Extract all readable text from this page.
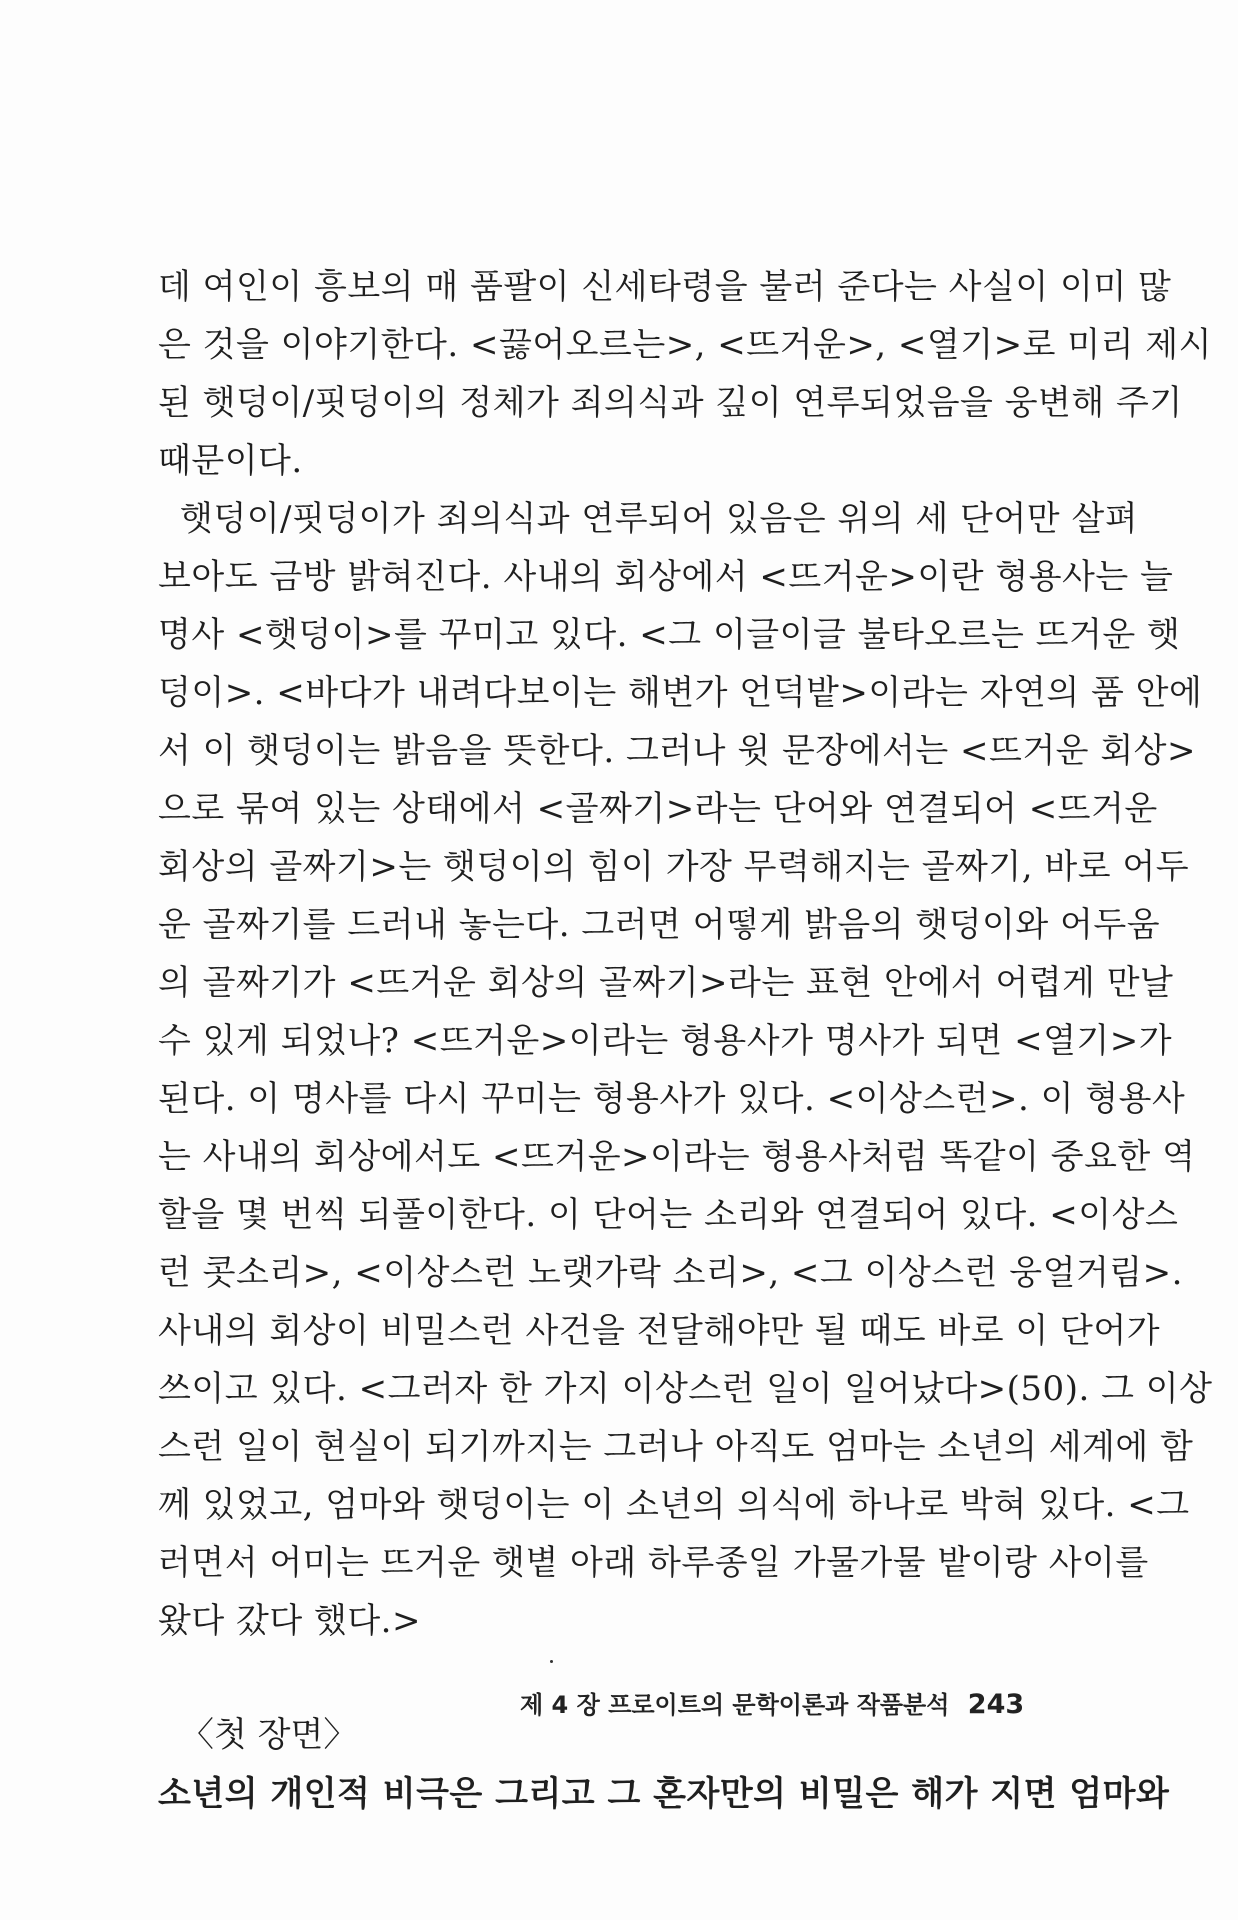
데 여인이 흥보의 매 품팔이 신세타령을 불러 준다는 사실이 이미 많
은 것을 이야기한다. <끓어오르는>, <뜨거운>, <열기>로 미리 제시
된 햇덩이/핏덩이의 정체가 죄의식과 깊이 연루되었음을 웅변해 주기
때문이다.
햇덩이/핏덩이가 죄의식과 연루되어 있음은 위의 세 단어만 살펴
보아도 금방 밝혀진다. 사내의 회상에서 <뜨거운>이란 형용사는 늘
명사 <햇덩이>를 꾸미고 있다. <그 이글이글 불타오르는 뜨거운 햇
덩이>. <바다가 내려다보이는 해변가 언덕밭>이라는 자연의 품 안에
서 이 햇덩이는 밝음을 뜻한다. 그러나 윗 문장에서는 <뜨거운 회상>
으로 묶여 있는 상태에서 <골짜기>라는 단어와 연결되어 <뜨거운
회상의 골짜기>는 햇덩이의 힘이 가장 무력해지는 골짜기, 바로 어두
운 골짜기를 드러내 놓는다. 그러면 어떻게 밝음의 햇덩이와 어두움
의 골짜기가 <뜨거운 회상의 골짜기>라는 표현 안에서 어렵게 만날
수 있게 되었나? <뜨거운>이라는 형용사가 명사가 되면 <열기>가
된다. 이 명사를 다시 꾸미는 형용사가 있다. <이상스런>. 이 형용사
는 사내의 회상에서도 <뜨거운>이라는 형용사처럼 똑같이 중요한 역
할을 몇 번씩 되풀이한다. 이 단어는 소리와 연결되어 있다. <이상스
런 콧소리>, <이상스런 노랫가락 소리>, <그 이상스런 웅얼거림>.
사내의 회상이 비밀스런 사건을 전달해야만 될 때도 바로 이 단어가
쓰이고 있다. <그러자 한 가지 이상스런 일이 일어났다>(50). 그 이상
스런 일이 현실이 되기까지는 그러나 아직도 엄마는 소년의 세계에 함
께 있었고, 엄마와 햇덩이는 이 소년의 의식에 하나로 박혀 있다. <그
러면서 어미는 뜨거운 햇볕 아래 하루종일 가물가물 밭이랑 사이를
왔다 갔다 했다.>
〈첫 장면〉
소년의 개인적 비극은 그리고 그 혼자만의 비밀은 해가 지면 엄마와
제 4 장 프로이트의 문학이론과 작품분석 243
